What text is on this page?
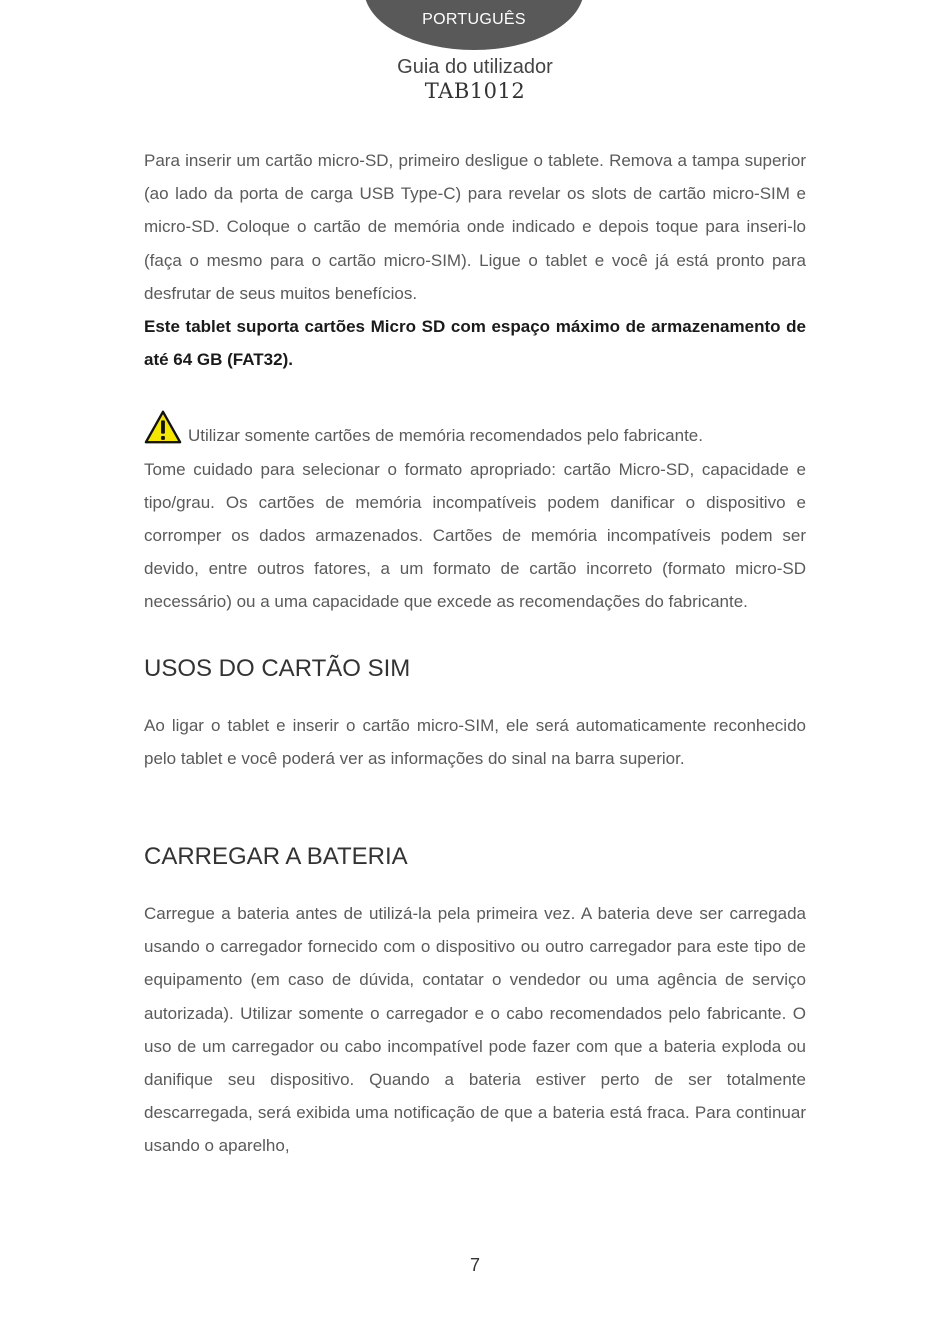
PORTUGUÊS
Guia do utilizador
TAB1012

Para inserir um cartão micro-SD, primeiro desligue o tablete. Remova a tampa superior (ao lado da porta de carga USB Type-C) para revelar os slots de cartão micro-SIM e micro-SD. Coloque o cartão de memória onde indicado e depois toque para inseri-lo (faça o mesmo para o cartão micro-SIM). Ligue o tablet e você já está pronto para desfrutar de seus muitos benefícios.

Este tablet suporta cartões Micro SD com espaço máximo de armazenamento de até 64 GB (FAT32).

Utilizar somente cartões de memória recomendados pelo fabricante.

Tome cuidado para selecionar o formato apropriado: cartão Micro-SD, capacidade e tipo/grau. Os cartões de memória incompatíveis podem danificar o dispositivo e corromper os dados armazenados. Cartões de memória incompatíveis podem ser devido, entre outros fatores, a um formato de cartão incorreto (formato micro-SD necessário) ou a uma capacidade que excede as recomendações do fabricante.

USOS DO CARTÃO SIM

Ao ligar o tablet e inserir o cartão micro-SIM, ele será automaticamente reconhecido pelo tablet e você poderá ver as informações do sinal na barra superior.

CARREGAR A BATERIA

Carregue a bateria antes de utilizá-la pela primeira vez. A bateria deve ser carregada usando o carregador fornecido com o dispositivo ou outro carregador para este tipo de equipamento (em caso de dúvida, contatar o vendedor ou uma agência de serviço autorizada). Utilizar somente o carregador e o cabo recomendados pelo fabricante. O uso de um carregador ou cabo incompatível pode fazer com que a bateria exploda ou danifique seu dispositivo. Quando a bateria estiver perto de ser totalmente descarregada, será exibida uma notificação de que a bateria está fraca. Para continuar usando o aparelho,

7
